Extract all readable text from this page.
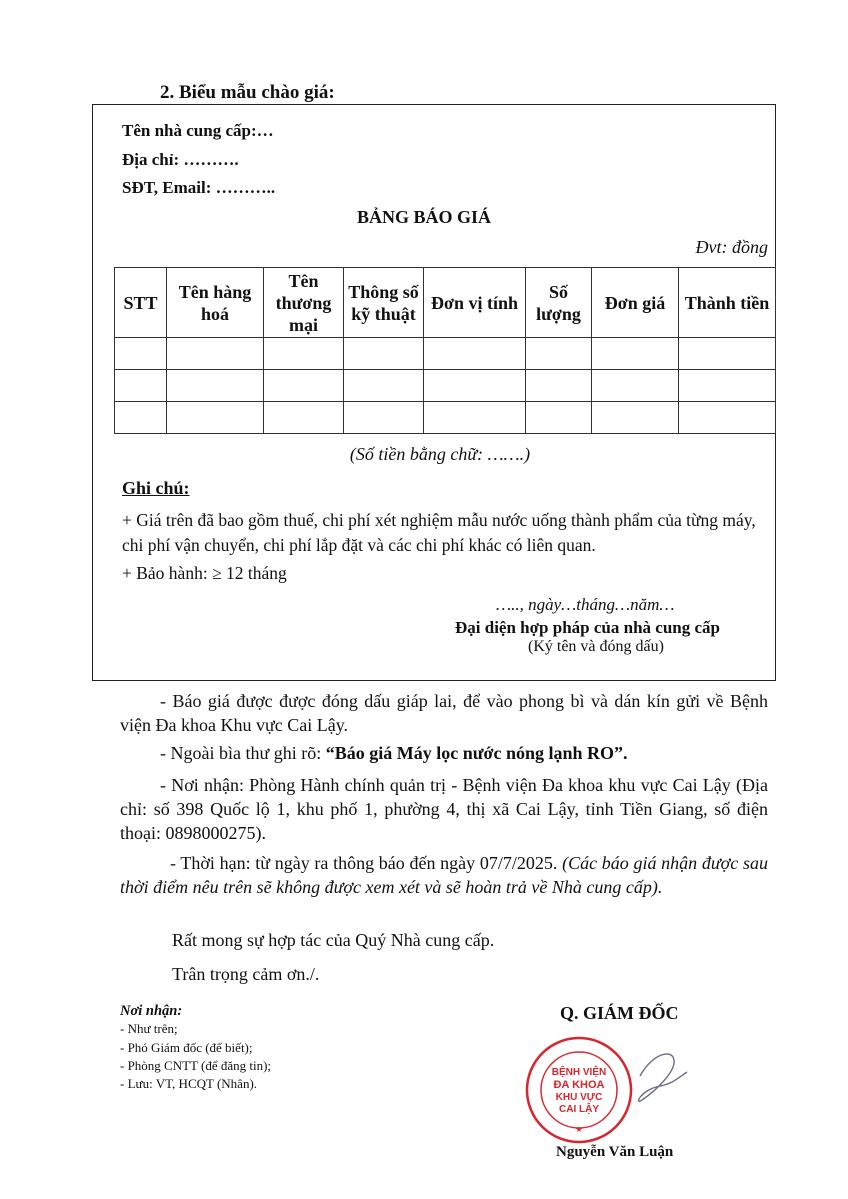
2. Biểu mẫu chào giá:
Tên nhà cung cấp:…
Địa chỉ: ……….
SĐT, Email: ………..
BẢNG BÁO GIÁ
Đvt: đồng
STT	Tên hàng hoá	Tên thương mại	Thông số kỹ thuật	Đơn vị tính	Số lượng	Đơn giá	Thành tiền

(Số tiền bằng chữ: …….)
Ghi chú:
+ Giá trên đã bao gồm thuế, chi phí xét nghiệm mẫu nước uống thành phẩm của từng máy, chi phí vận chuyển, chi phí lắp đặt và các chi phí khác có liên quan.
+ Bảo hành: ≥ 12 tháng
….., ngày…tháng…năm…
Đại diện hợp pháp của nhà cung cấp
(Ký tên và đóng dấu)
- Báo giá được được đóng dấu giáp lai, để vào phong bì và dán kín gửi về Bệnh viện Đa khoa Khu vực Cai Lậy.
- Ngoài bìa thư ghi rõ: “Báo giá Máy lọc nước nóng lạnh RO”.
- Nơi nhận: Phòng Hành chính quản trị - Bệnh viện Đa khoa khu vực Cai Lậy (Địa chỉ: số 398 Quốc lộ 1, khu phố 1, phường 4, thị xã Cai Lậy, tỉnh Tiền Giang, số điện thoại: 0898000275).
- Thời hạn: từ ngày ra thông báo đến ngày 07/7/2025. (Các báo giá nhận được sau thời điểm nêu trên sẽ không được xem xét và sẽ hoàn trả về Nhà cung cấp).
Rất mong sự hợp tác của Quý Nhà cung cấp.
Trân trọng cảm ơn./.
Nơi nhận:
- Như trên;
- Phó Giám đốc (để biết);
- Phòng CNTT (để đăng tin);
- Lưu: VT, HCQT (Nhân).
Q. GIÁM ĐỐC
BỆNH VIỆN
ĐA KHOA
KHU VỰC
CAI LẬY
★
Nguyễn Văn Luận
